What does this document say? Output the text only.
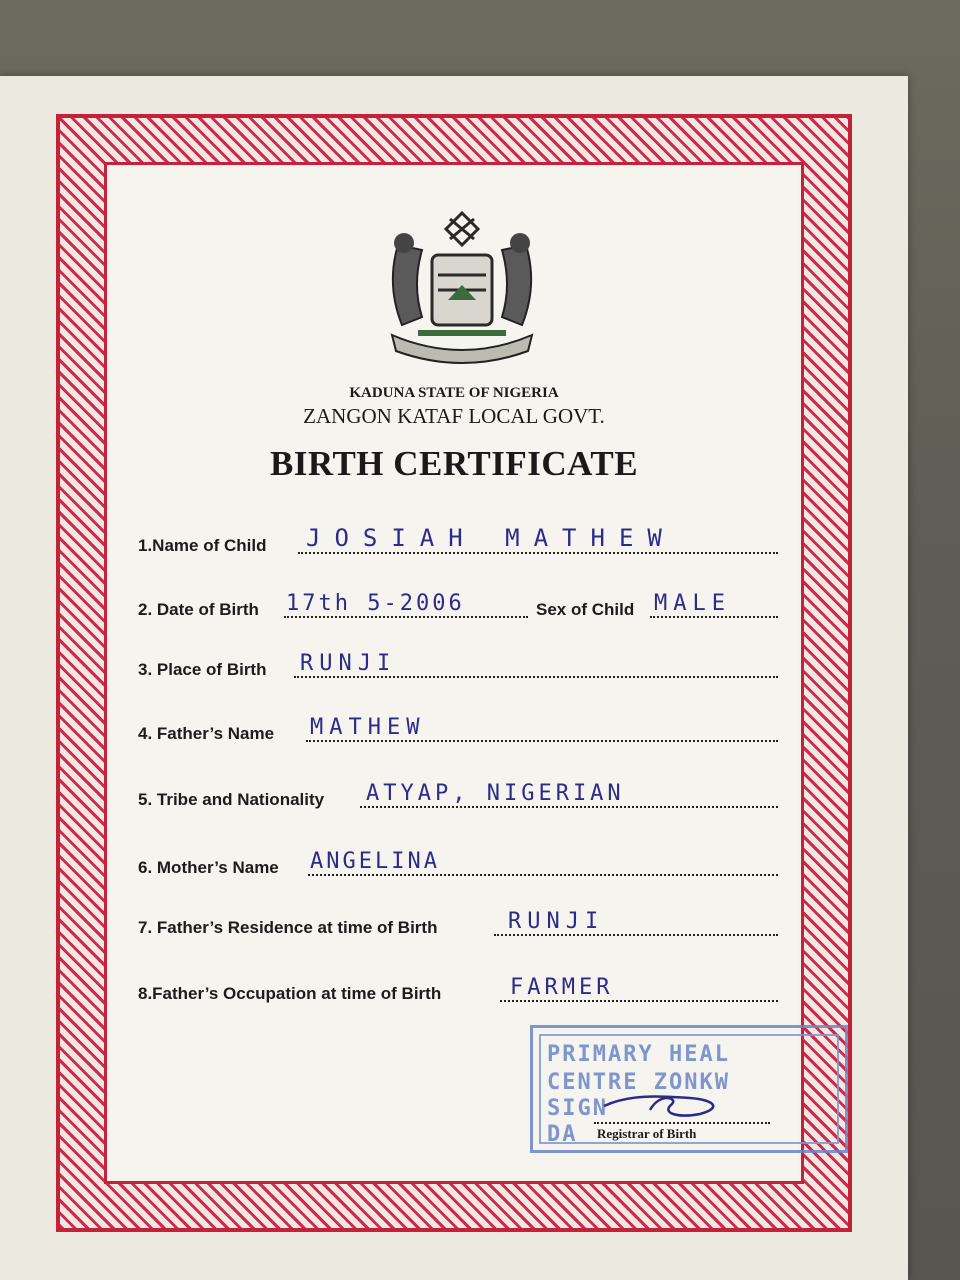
KADUNA STATE OF NIGERIA
ZANGON KATAF LOCAL GOVT.
BIRTH CERTIFICATE
1.Name of Child JOSIAH MATHEW
2. Date of Birth 17th 5-2006	Sex of Child MALE
3. Place of Birth RUNJI
4. Father’s Name MATHEW
5. Tribe and Nationality ATYAP, NIGERIAN
6. Mother’s Name ANGELINA
7. Father’s Residence at time of Birth	RUNJI
8.Father’s Occupation at time of Birth	FARMER
PRIMARY HEAL
CENTRE ZONKW
SIGN
DA Registrar of Birth
